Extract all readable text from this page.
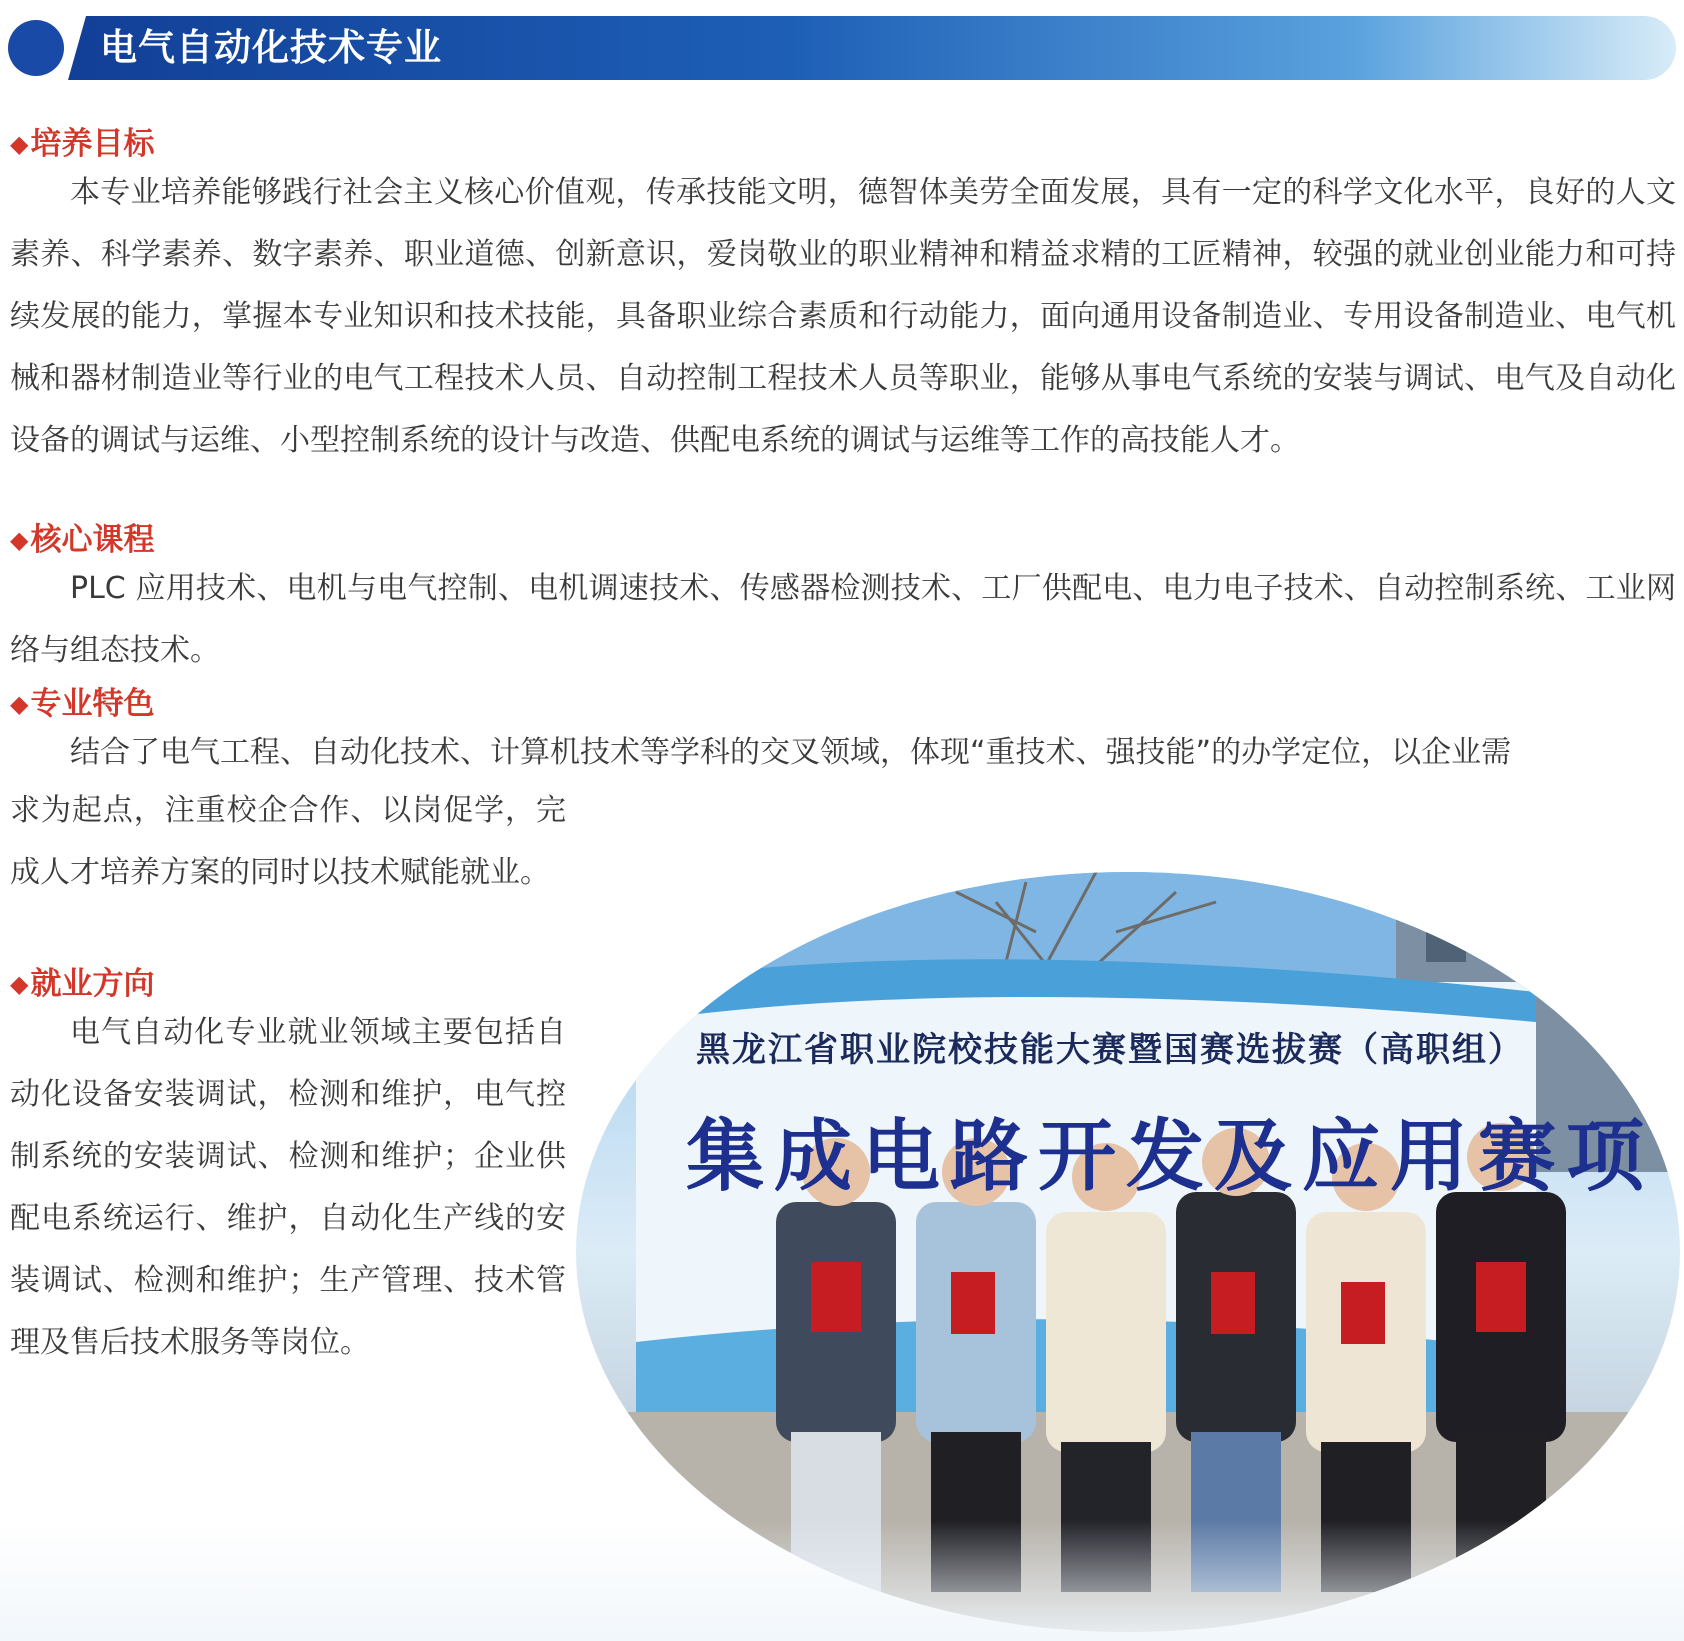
电气自动化技术专业
◆培养目标
本专业培养能够践行社会主义核心价值观，传承技能文明，德智体美劳全面发展，具有一定的科学文化水平，良好的人文素养、科学素养、数字素养、职业道德、创新意识，爱岗敬业的职业精神和精益求精的工匠精神，较强的就业创业能力和可持续发展的能力，掌握本专业知识和技术技能，具备职业综合素质和行动能力，面向通用设备制造业、专用设备制造业、电气机械和器材制造业等行业的电气工程技术人员、自动控制工程技术人员等职业，能够从事电气系统的安装与调试、电气及自动化设备的调试与运维、小型控制系统的设计与改造、供配电系统的调试与运维等工作的高技能人才。
◆核心课程
PLC 应用技术、电机与电气控制、电机调速技术、传感器检测技术、工厂供配电、电力电子技术、自动控制系统、工业网络与组态技术。
◆专业特色
结合了电气工程、自动化技术、计算机技术等学科的交叉领域，体现“重技术、强技能”的办学定位，以企业需
求为起点，注重校企合作、以岗促学，完成人才培养方案的同时以技术赋能就业。
◆就业方向
电气自动化专业就业领域主要包括自动化设备安装调试，检测和维护，电气控制系统的安装调试、检测和维护；企业供配电系统运行、维护，自动化生产线的安装调试、检测和维护；生产管理、技术管理及售后技术服务等岗位。
黑龙江省职业院校技能大赛暨国赛选拔赛（高职组）
集成电路开发及应用赛项
